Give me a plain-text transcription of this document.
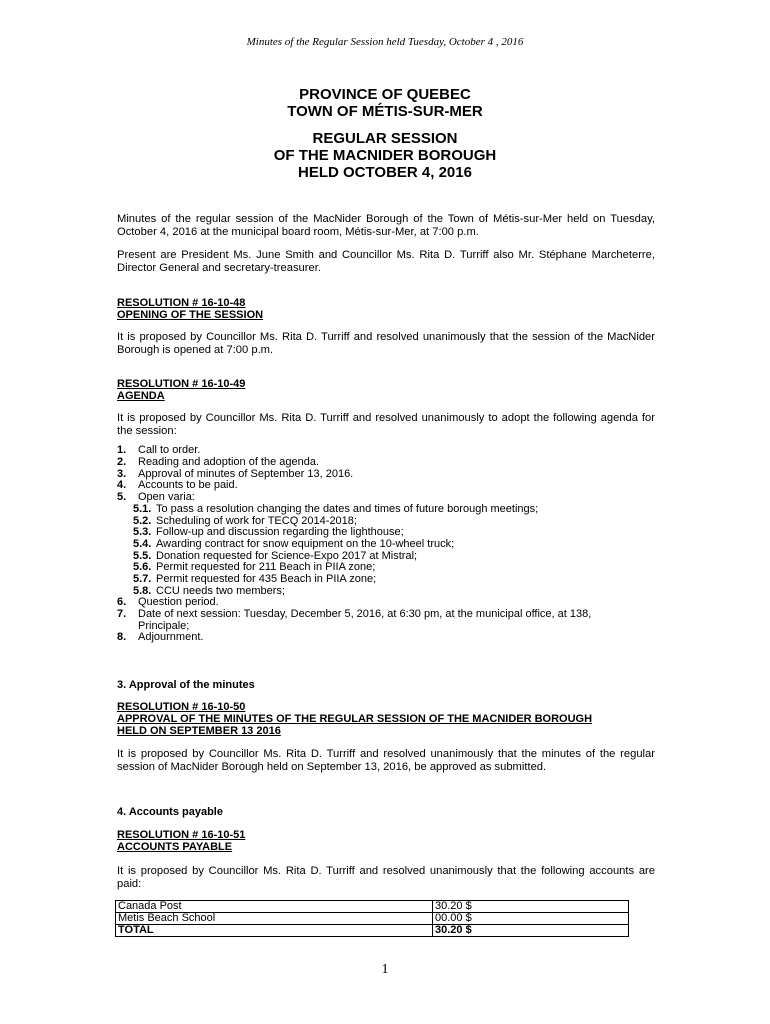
Minutes of the Regular Session held Tuesday, October 4 , 2016
PROVINCE OF QUEBEC
TOWN OF MÉTIS-SUR-MER
REGULAR SESSION
OF THE MACNIDER BOROUGH
HELD OCTOBER 4, 2016
Minutes of the regular session of the MacNider Borough of the Town of Métis-sur-Mer held on Tuesday, October 4, 2016 at the municipal board room, Métis-sur-Mer, at 7:00 p.m.
Present are President Ms. June Smith and Councillor Ms. Rita D. Turriff also Mr. Stéphane Marcheterre, Director General and secretary-treasurer.
RESOLUTION # 16-10-48
OPENING OF THE SESSION
It is proposed by Councillor Ms. Rita D. Turriff and resolved unanimously that the session of the MacNider Borough is opened at 7:00 p.m.
RESOLUTION # 16-10-49
AGENDA
It is proposed by Councillor Ms. Rita D. Turriff and resolved unanimously to adopt the following agenda for the session:
1. Call to order.
2. Reading and adoption of the agenda.
3. Approval of minutes of September 13, 2016.
4. Accounts to be paid.
5. Open varia:
5.1. To pass a resolution changing the dates and times of future borough meetings;
5.2. Scheduling of work for TECQ 2014-2018;
5.3. Follow-up and discussion regarding the lighthouse;
5.4. Awarding contract for snow equipment on the 10-wheel truck;
5.5. Donation requested for Science-Expo 2017 at Mistral;
5.6. Permit requested for 211 Beach in PIIA zone;
5.7. Permit requested for 435 Beach in PIIA zone;
5.8. CCU needs two members;
6. Question period.
7. Date of next session: Tuesday, December 5, 2016, at 6:30 pm, at the municipal office, at 138,
Principale;
8. Adjournment.
3. Approval of the minutes
RESOLUTION # 16-10-50
APPROVAL OF THE MINUTES OF THE REGULAR SESSION OF THE MACNIDER BOROUGH
HELD ON SEPTEMBER 13 2016
It is proposed by Councillor Ms. Rita D. Turriff and resolved unanimously that the minutes of the regular session of MacNider Borough held on September 13, 2016, be approved as submitted.
4. Accounts payable
RESOLUTION # 16-10-51
ACCOUNTS PAYABLE
It is proposed by Councillor Ms. Rita D. Turriff and resolved unanimously that the following accounts are paid:
Canada Post	30.20 $
Metis Beach School	00.00 $
TOTAL	30.20 $
1
